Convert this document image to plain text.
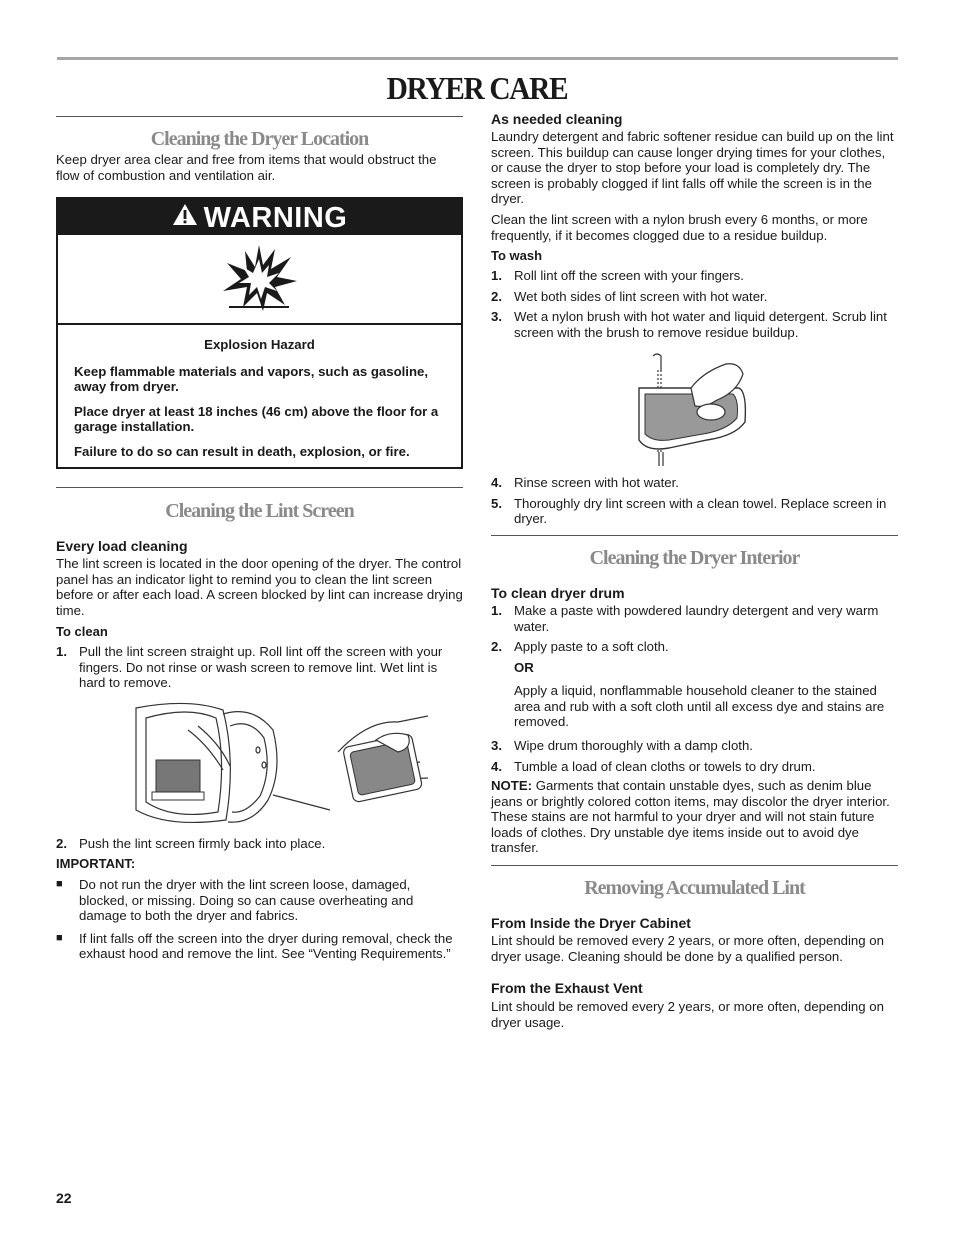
DRYER CARE
Cleaning the Dryer Location

Keep dryer area clear and free from items that would obstruct the flow of combustion and ventilation air.

WARNING

Explosion Hazard

Keep flammable materials and vapors, such as gasoline, away from dryer.

Place dryer at least 18 inches (46 cm) above the floor for a garage installation.

Failure to do so can result in death, explosion, or fire.

Cleaning the Lint Screen

Every load cleaning

The lint screen is located in the door opening of the dryer. The control panel has an indicator light to remind you to clean the lint screen before or after each load. A screen blocked by lint can increase drying time.

To clean

1. Pull the lint screen straight up. Roll lint off the screen with your fingers. Do not rinse or wash screen to remove lint. Wet lint is hard to remove.
2. Push the lint screen firmly back into place.

IMPORTANT:

■ Do not run the dryer with the lint screen loose, damaged, blocked, or missing. Doing so can cause overheating and damage to both the dryer and fabrics.
■ If lint falls off the screen into the dryer during removal, check the exhaust hood and remove the lint. See “Venting Requirements.”

As needed cleaning

Laundry detergent and fabric softener residue can build up on the lint screen. This buildup can cause longer drying times for your clothes, or cause the dryer to stop before your load is completely dry. The screen is probably clogged if lint falls off while the screen is in the dryer.

Clean the lint screen with a nylon brush every 6 months, or more frequently, if it becomes clogged due to a residue buildup.

To wash

1. Roll lint off the screen with your fingers.
2. Wet both sides of lint screen with hot water.
3. Wet a nylon brush with hot water and liquid detergent. Scrub lint screen with the brush to remove residue buildup.
4. Rinse screen with hot water.
5. Thoroughly dry lint screen with a clean towel. Replace screen in dryer.
Cleaning the Dryer Interior

To clean dryer drum

1. Make a paste with powdered laundry detergent and very warm water.
2. Apply paste to a soft cloth.

OR

Apply a liquid, nonflammable household cleaner to the stained area and rub with a soft cloth until all excess dye and stains are removed.

3. Wipe drum thoroughly with a damp cloth.
4. Tumble a load of clean cloths or towels to dry drum.

NOTE: Garments that contain unstable dyes, such as denim blue jeans or brightly colored cotton items, may discolor the dryer interior. These stains are not harmful to your dryer and will not stain future loads of clothes. Dry unstable dye items inside out to avoid dye transfer.

Removing Accumulated Lint

From Inside the Dryer Cabinet

Lint should be removed every 2 years, or more often, depending on dryer usage. Cleaning should be done by a qualified person.

From the Exhaust Vent

Lint should be removed every 2 years, or more often, depending on dryer usage.

22
